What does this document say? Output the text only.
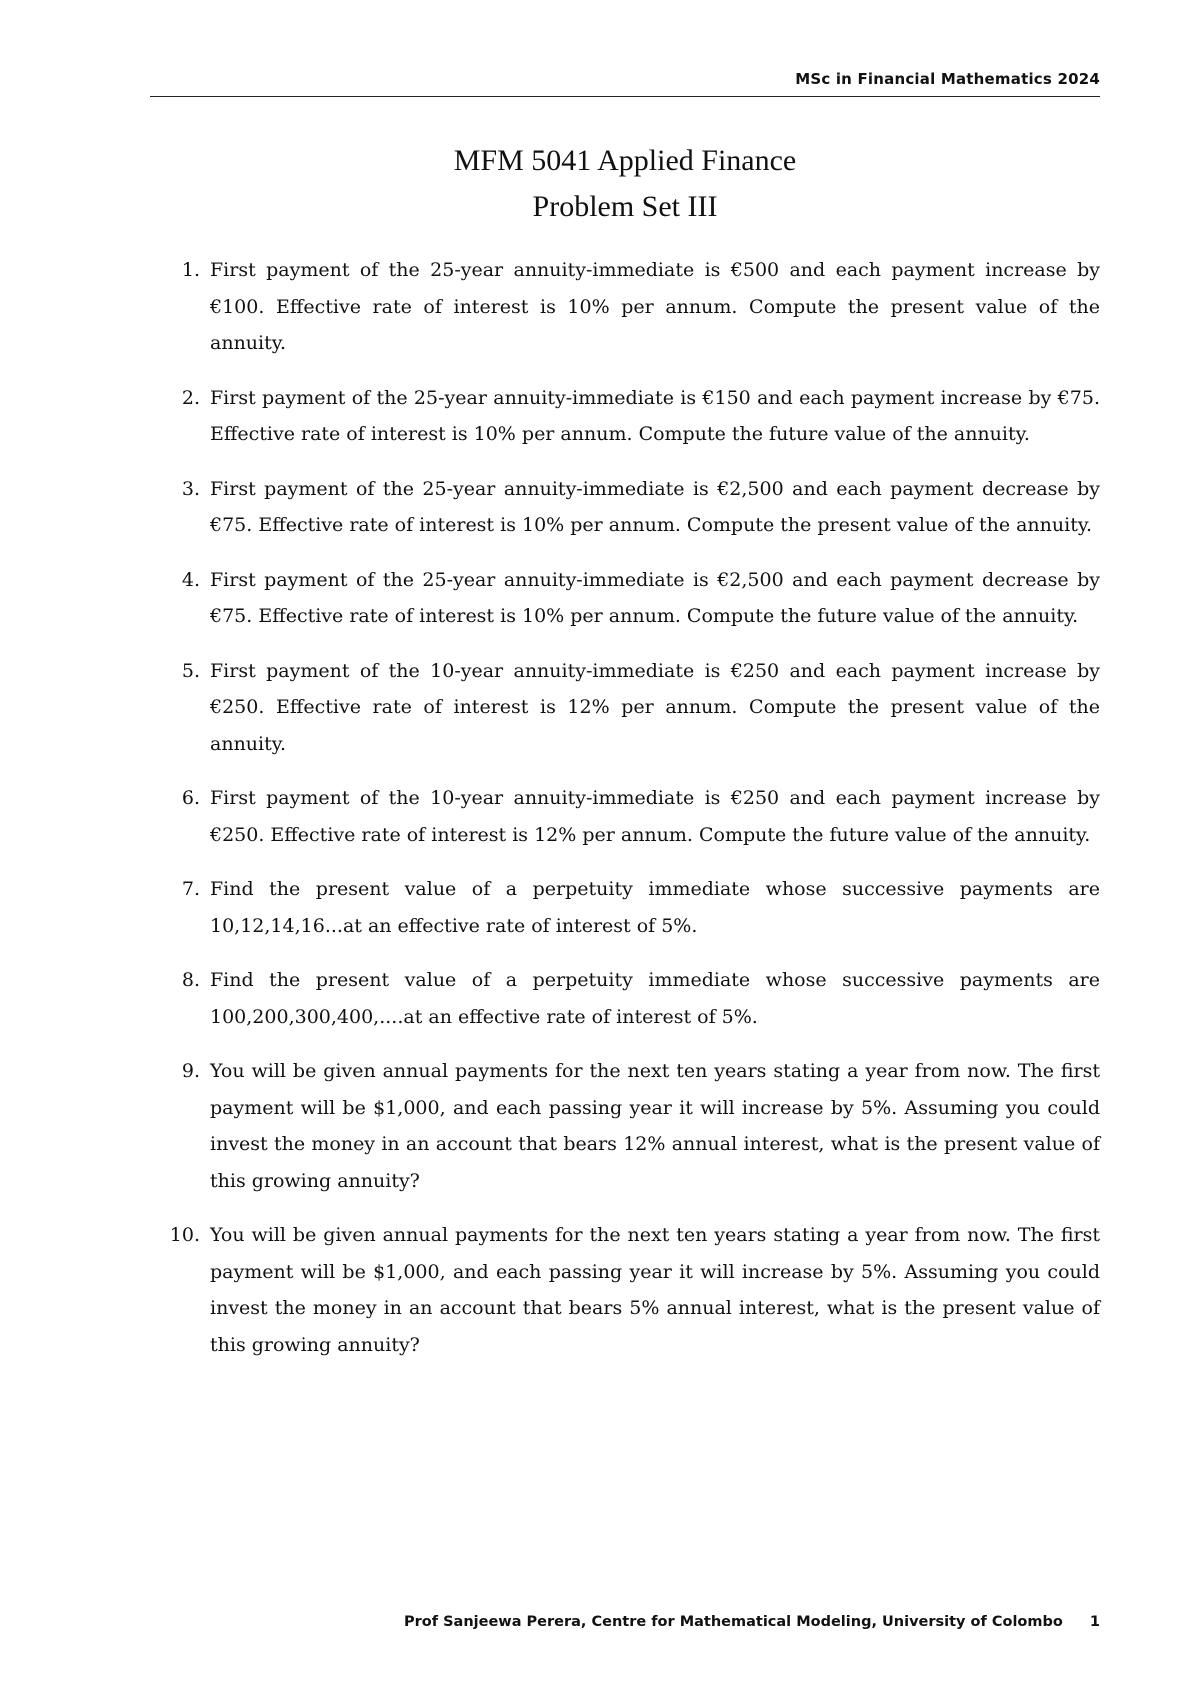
MSc in Financial Mathematics 2024
MFM 5041 Applied Finance
Problem Set III
1. First payment of the 25-year annuity-immediate is €500 and each payment increase by €100. Effective rate of interest is 10% per annum. Compute the present value of the annuity.
2. First payment of the 25-year annuity-immediate is €150 and each payment increase by €75. Effective rate of interest is 10% per annum. Compute the future value of the annuity.
3. First payment of the 25-year annuity-immediate is €2,500 and each payment decrease by €75. Effective rate of interest is 10% per annum. Compute the present value of the annuity.
4. First payment of the 25-year annuity-immediate is €2,500 and each payment decrease by €75. Effective rate of interest is 10% per annum. Compute the future value of the annuity.
5. First payment of the 10-year annuity-immediate is €250 and each payment increase by €250. Effective rate of interest is 12% per annum. Compute the present value of the annuity.
6. First payment of the 10-year annuity-immediate is €250 and each payment increase by €250. Effective rate of interest is 12% per annum. Compute the future value of the annuity.
7. Find the present value of a perpetuity immediate whose successive payments are 10,12,14,16...at an effective rate of interest of 5%.
8. Find the present value of a perpetuity immediate whose successive payments are 100,200,300,400,....at an effective rate of interest of 5%.
9. You will be given annual payments for the next ten years stating a year from now. The first payment will be $1,000, and each passing year it will increase by 5%. Assuming you could invest the money in an account that bears 12% annual interest, what is the present value of this growing annuity?
10. You will be given annual payments for the next ten years stating a year from now. The first payment will be $1,000, and each passing year it will increase by 5%. Assuming you could invest the money in an account that bears 5% annual interest, what is the present value of this growing annuity?
Prof Sanjeewa Perera, Centre for Mathematical Modeling, University of Colombo 1
